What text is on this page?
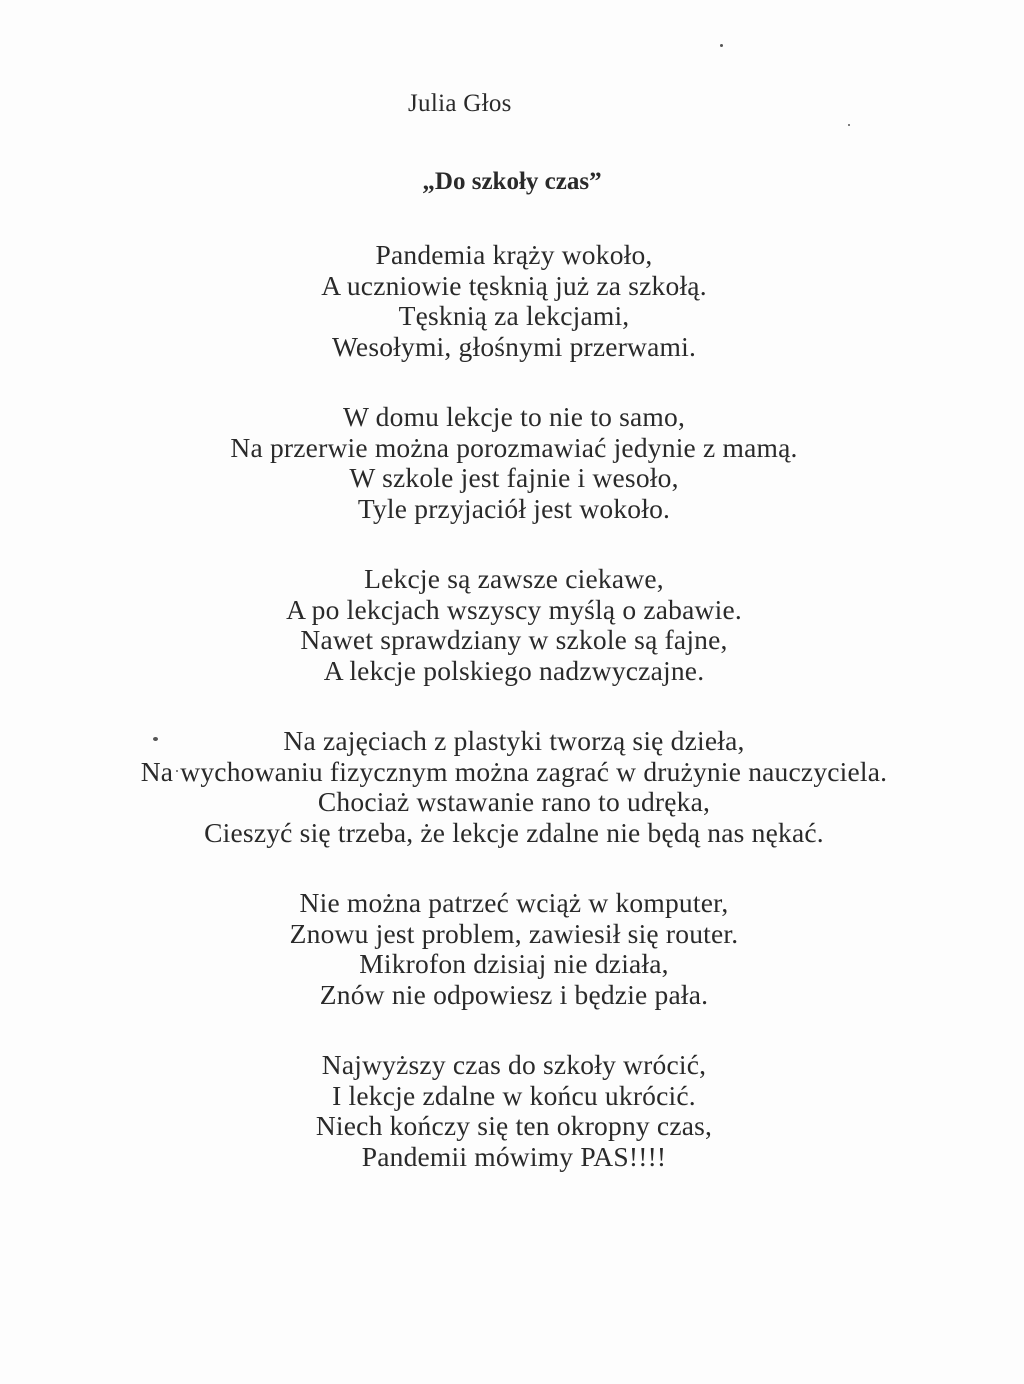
Julia Głos
„Do szkoły czas”
Pandemia krąży wokoło,
A uczniowie tęsknią już za szkołą.
Tęsknią za lekcjami,
Wesołymi, głośnymi przerwami.
W domu lekcje to nie to samo,
Na przerwie można porozmawiać jedynie z mamą.
W szkole jest fajnie i wesoło,
Tyle przyjaciół jest wokoło.
Lekcje są zawsze ciekawe,
A po lekcjach wszyscy myślą o zabawie.
Nawet sprawdziany w szkole są fajne,
A lekcje polskiego nadzwyczajne.
Na zajęciach z plastyki tworzą się dzieła,
Na wychowaniu fizycznym można zagrać w drużynie nauczyciela.
Chociaż wstawanie rano to udręka,
Cieszyć się trzeba, że lekcje zdalne nie będą nas nękać.
Nie można patrzeć wciąż w komputer,
Znowu jest problem, zawiesił się router.
Mikrofon dzisiaj nie działa,
Znów nie odpowiesz i będzie pała.
Najwyższy czas do szkoły wrócić,
I lekcje zdalne w końcu ukrócić.
Niech kończy się ten okropny czas,
Pandemii mówimy PAS!!!!
